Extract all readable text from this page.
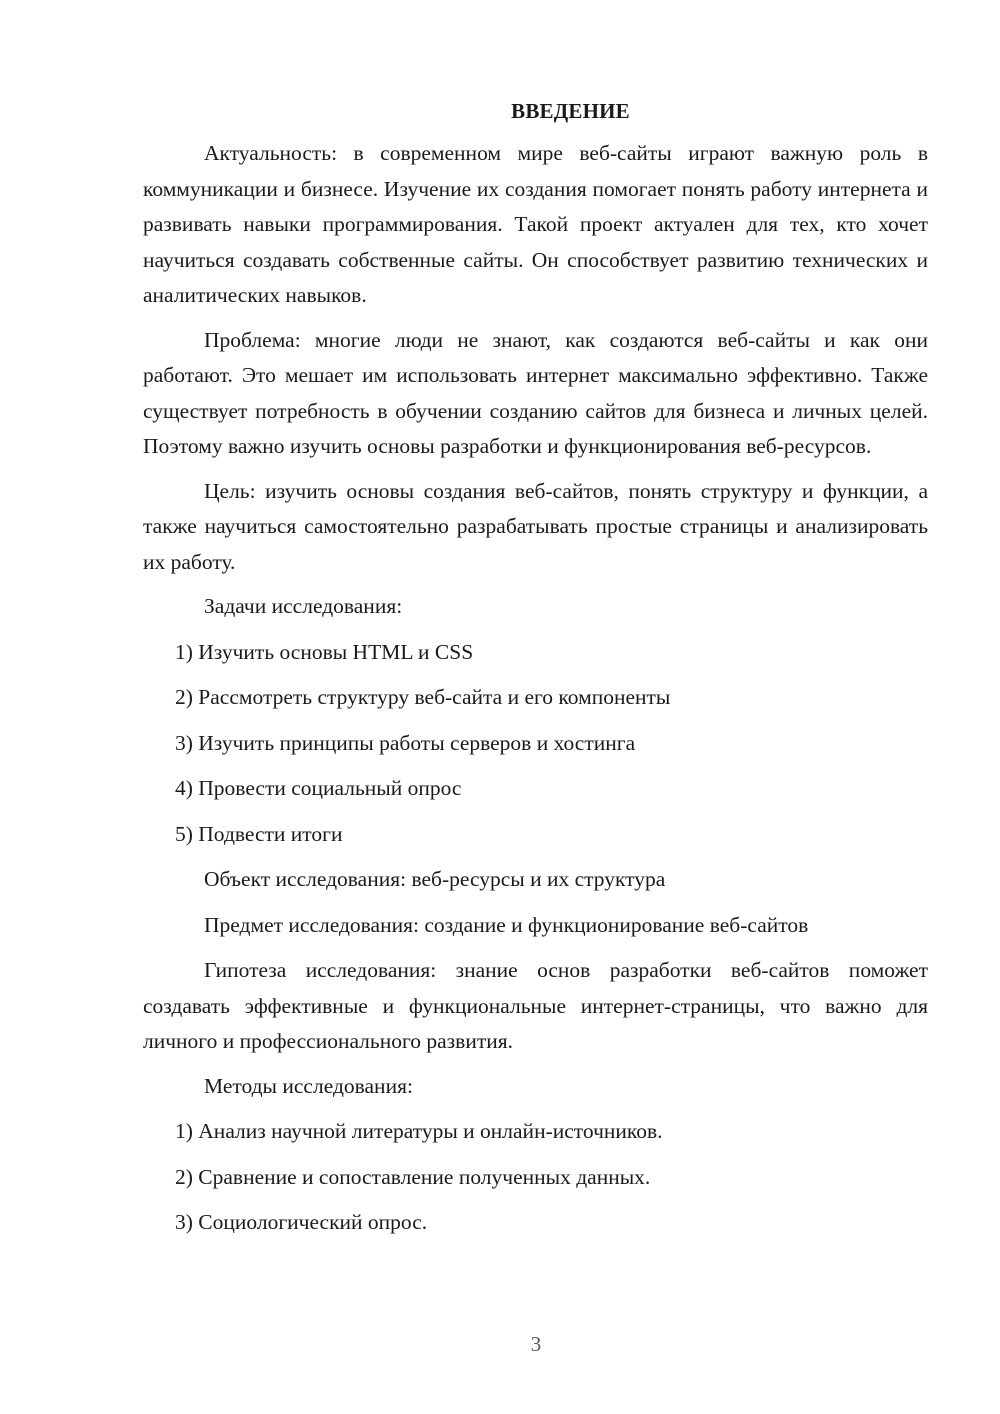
ВВЕДЕНИЕ

Актуальность: в современном мире веб-сайты играют важную роль в коммуникации и бизнесе. Изучение их создания помогает понять работу интернета и развивать навыки программирования. Такой проект актуален для тех, кто хочет научиться создавать собственные сайты. Он способствует развитию технических и аналитических навыков.

Проблема: многие люди не знают, как создаются веб-сайты и как они работают. Это мешает им использовать интернет максимально эффективно. Также существует потребность в обучении созданию сайтов для бизнеса и личных целей. Поэтому важно изучить основы разработки и функционирования веб-ресурсов.

Цель: изучить основы создания веб-сайтов, понять структуру и функции, а также научиться самостоятельно разрабатывать простые страницы и анализировать их работу.

Задачи исследования:
1) Изучить основы HTML и CSS
2) Рассмотреть структуру веб-сайта и его компоненты
3) Изучить принципы работы серверов и хостинга
4) Провести социальный опрос
5) Подвести итоги
Объект исследования: веб-ресурсы и их структура
Предмет исследования: создание и функционирование веб-сайтов

Гипотеза исследования: знание основ разработки веб-сайтов поможет создавать эффективные и функциональные интернет-страницы, что важно для личного и профессионального развития.

Методы исследования:
1) Анализ научной литературы и онлайн-источников.
2) Сравнение и сопоставление полученных данных.
3) Социологический опрос.
3
